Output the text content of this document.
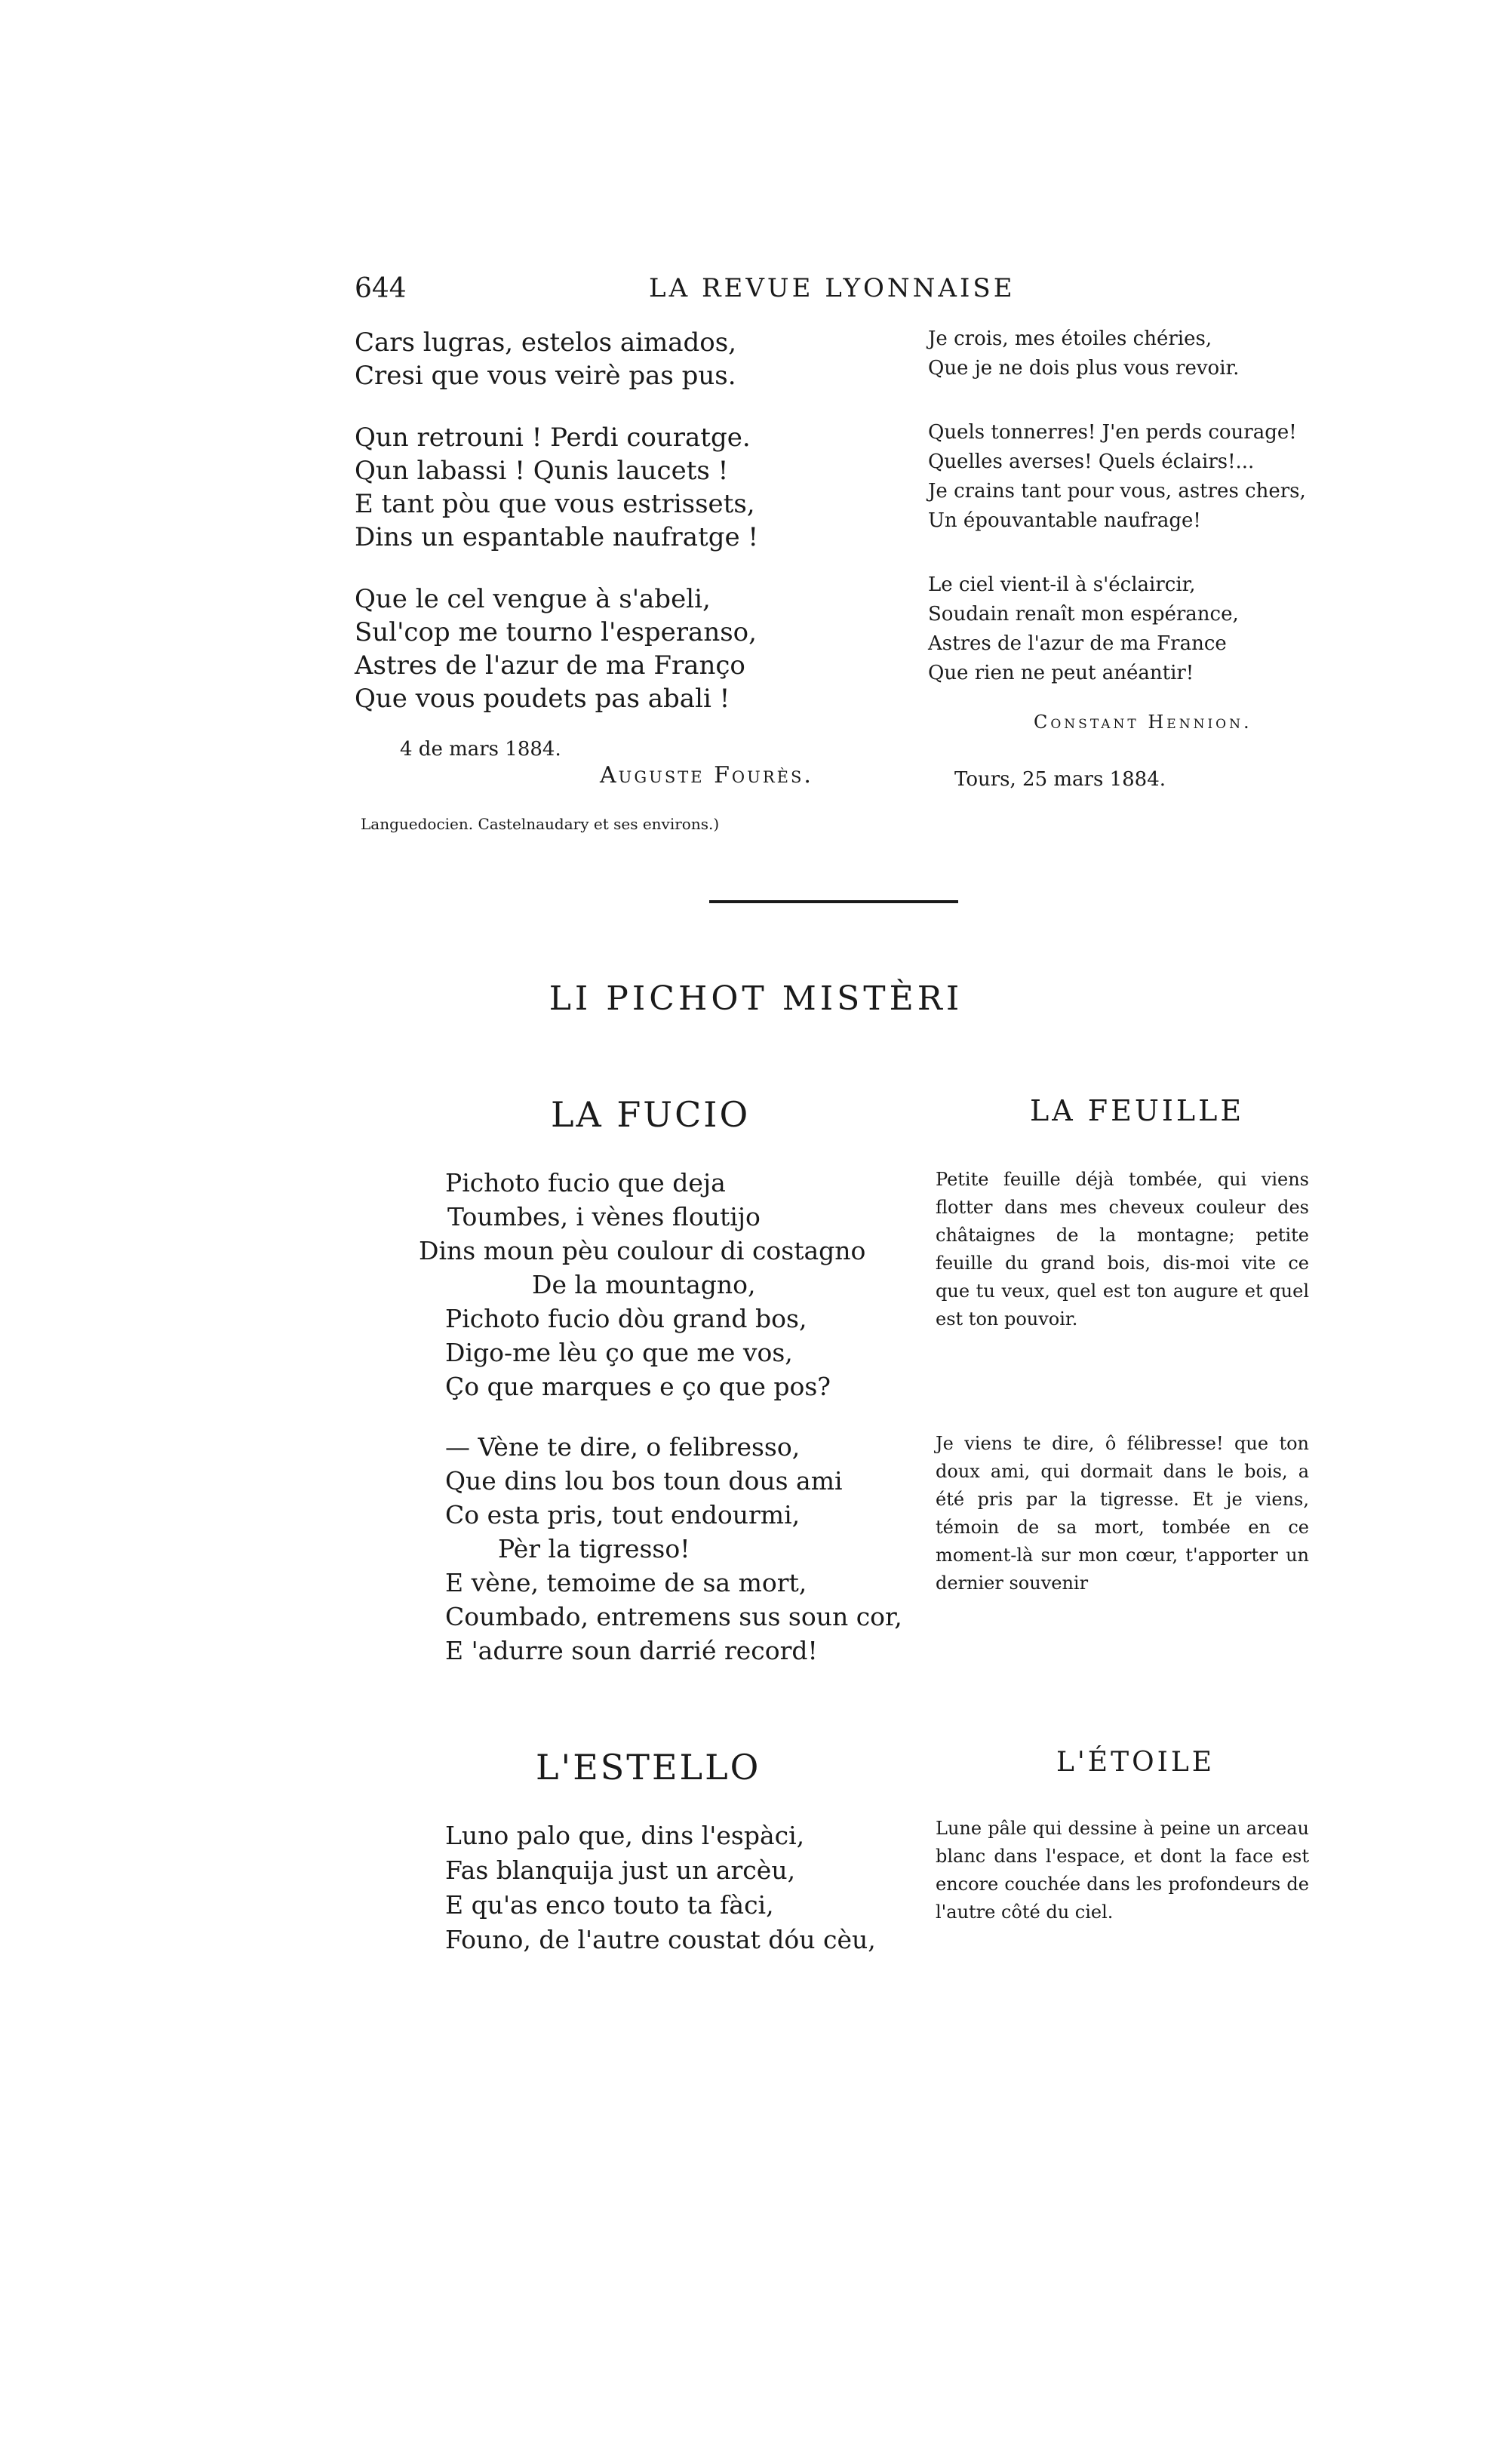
644	LA REVUE LYONNAISE
Cars lugras, estelos aimados,
Cresi que vous veirè pas pus.
Qun retrouni ! Perdi couratge.
Qun labassi ! Qunis laucets !
E tant pòu que vous estrissets,
Dins un espantable naufratge !
Que le cel vengue à s'abeli,
Sul'cop me tourno l'esperanso,
Astres de l'azur de ma Franço
Que vous poudets pas abali !
4 de mars 1884.
Auguste Fourès.
Languedocien. Castelnaudary et ses environs.)
Je crois, mes étoiles chéries,
Que je ne dois plus vous revoir.
Quels tonnerres! J'en perds courage!
Quelles averses! Quels éclairs!...
Je crains tant pour vous, astres chers,
Un épouvantable naufrage!
Le ciel vient-il à s'éclaircir,
Soudain renaît mon espérance,
Astres de l'azur de ma France
Que rien ne peut anéantir!
Constant Hennion.
Tours, 25 mars 1884.
LI PICHOT MISTÈRI
LA FUCIO	LA FEUILLE
Pichoto fucio que deja
Toumbes, i vènes floutijo
Dins moun pèu coulour di costagno
De la mountagno,
Pichoto fucio dòu grand bos,
Digo-me lèu ço que me vos,
Ço que marques e ço que pos?
— Vène te dire, o felibresso,
Que dins lou bos toun dous ami
Co esta pris, tout endourmi,
Pèr la tigresso!
E vène, temoime de sa mort,
Coumbado, entremens sus soun cor,
E 'adurre soun darrié record!
Petite feuille déjà tombée, qui viens flotter dans mes cheveux couleur des châtaignes de la montagne; petite feuille du grand bois, dis-moi vite ce que tu veux, quel est ton augure et quel est ton pouvoir.
Je viens te dire, ô félibresse! que ton doux ami, qui dormait dans le bois, a été pris par la tigresse. Et je viens, témoin de sa mort, tombée en ce moment-là sur mon cœur, t'apporter un dernier souvenir
L'ESTELLO	L'ÉTOILE
Luno palo que, dins l'espàci,
Fas blanquija just un arcèu,
E qu'as enco touto ta fàci,
Founo, de l'autre coustat dóu cèu,
Lune pâle qui dessine à peine un arceau blanc dans l'espace, et dont la face est encore couchée dans les profondeurs de l'autre côté du ciel.
